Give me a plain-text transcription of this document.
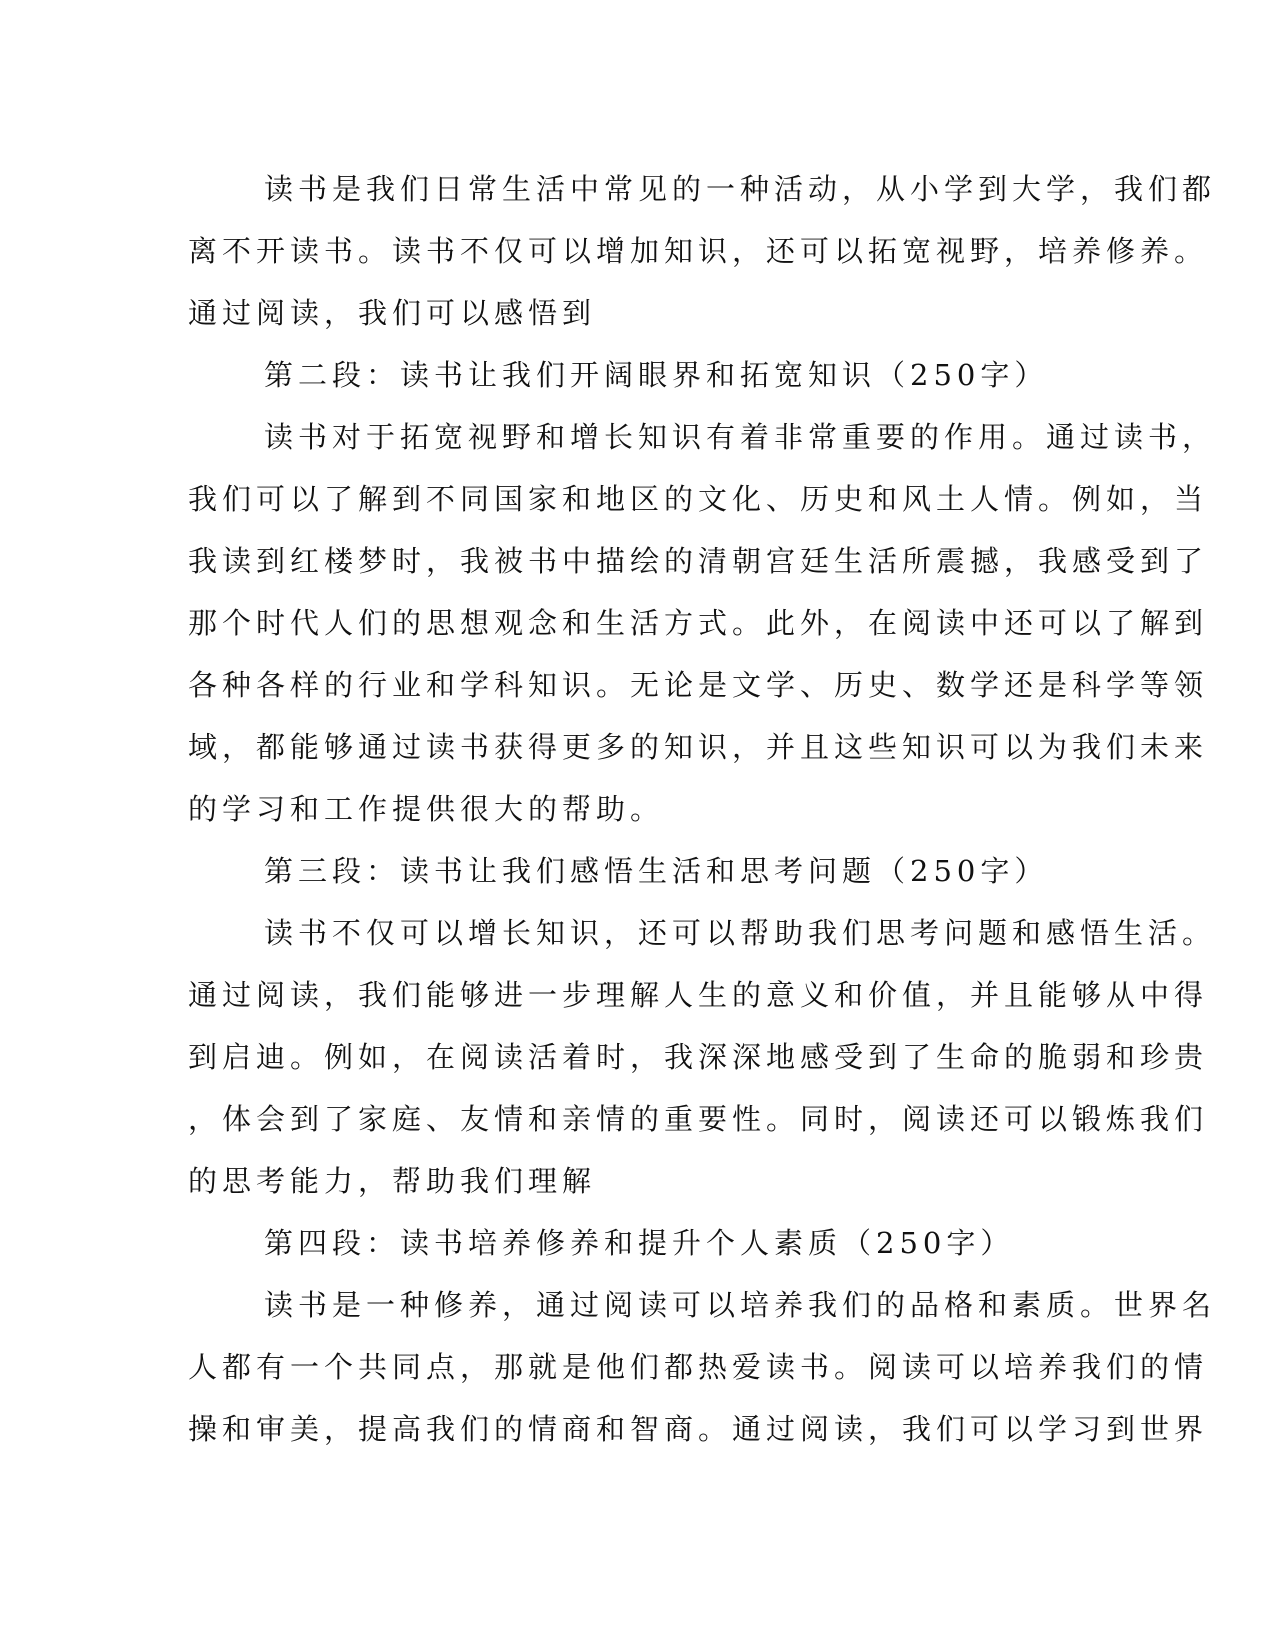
读书是我们日常生活中常见的一种活动，从小学到大学，我们都
离不开读书。读书不仅可以增加知识，还可以拓宽视野，培养修养。
通过阅读，我们可以感悟到
第二段：读书让我们开阔眼界和拓宽知识（250字）
读书对于拓宽视野和增长知识有着非常重要的作用。通过读书，
我们可以了解到不同国家和地区的文化、历史和风土人情。例如，当
我读到红楼梦时，我被书中描绘的清朝宫廷生活所震撼，我感受到了
那个时代人们的思想观念和生活方式。此外，在阅读中还可以了解到
各种各样的行业和学科知识。无论是文学、历史、数学还是科学等领
域，都能够通过读书获得更多的知识，并且这些知识可以为我们未来
的学习和工作提供很大的帮助。
第三段：读书让我们感悟生活和思考问题（250字）
读书不仅可以增长知识，还可以帮助我们思考问题和感悟生活。
通过阅读，我们能够进一步理解人生的意义和价值，并且能够从中得
到启迪。例如，在阅读活着时，我深深地感受到了生命的脆弱和珍贵
，体会到了家庭、友情和亲情的重要性。同时，阅读还可以锻炼我们
的思考能力，帮助我们理解
第四段：读书培养修养和提升个人素质（250字）
读书是一种修养，通过阅读可以培养我们的品格和素质。世界名
人都有一个共同点，那就是他们都热爱读书。阅读可以培养我们的情
操和审美，提高我们的情商和智商。通过阅读，我们可以学习到世界
